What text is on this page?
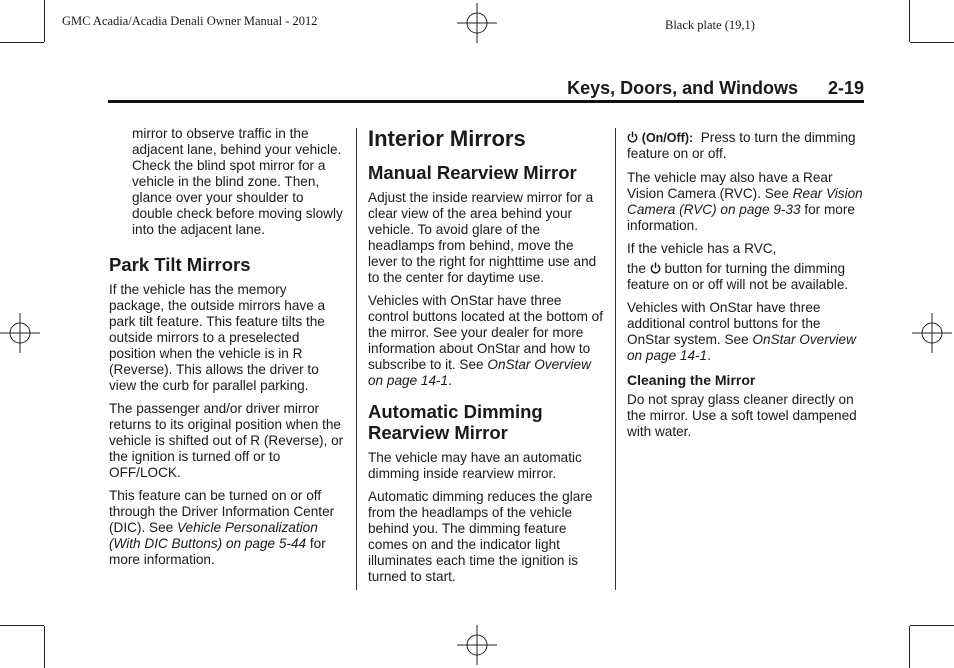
GMC Acadia/Acadia Denali Owner Manual - 2012	Black plate (19,1)
Keys, Doors, and Windows 2-19

mirror to observe traffic in the adjacent lane, behind your vehicle. Check the blind spot mirror for a vehicle in the blind zone. Then, glance over your shoulder to double check before moving slowly into the adjacent lane.

Park Tilt Mirrors

If the vehicle has the memory package, the outside mirrors have a park tilt feature. This feature tilts the outside mirrors to a preselected position when the vehicle is in R (Reverse). This allows the driver to view the curb for parallel parking.

The passenger and/or driver mirror returns to its original position when the vehicle is shifted out of R (Reverse), or the ignition is turned off or to OFF/LOCK.

This feature can be turned on or off through the Driver Information Center (DIC). See Vehicle Personalization (With DIC Buttons) on page 5-44 for more information.

Interior Mirrors
Manual Rearview Mirror

Adjust the inside rearview mirror for a clear view of the area behind your vehicle. To avoid glare of the headlamps from behind, move the lever to the right for nighttime use and to the center for daytime use.

Vehicles with OnStar have three control buttons located at the bottom of the mirror. See your dealer for more information about OnStar and how to subscribe to it. See OnStar Overview on page 14-1.

Automatic Dimming Rearview Mirror

The vehicle may have an automatic dimming inside rearview mirror.

Automatic dimming reduces the glare from the headlamps of the vehicle behind you. The dimming feature comes on and the indicator light illuminates each time the ignition is turned to start.

(On/Off): Press to turn the dimming feature on or off.

The vehicle may also have a Rear Vision Camera (RVC). See Rear Vision Camera (RVC) on page 9-33 for more information.

If the vehicle has a RVC,

the  button for turning the dimming feature on or off will not be available.

Vehicles with OnStar have three additional control buttons for the OnStar system. See OnStar Overview on page 14-1.

Cleaning the Mirror

Do not spray glass cleaner directly on the mirror. Use a soft towel dampened with water.
